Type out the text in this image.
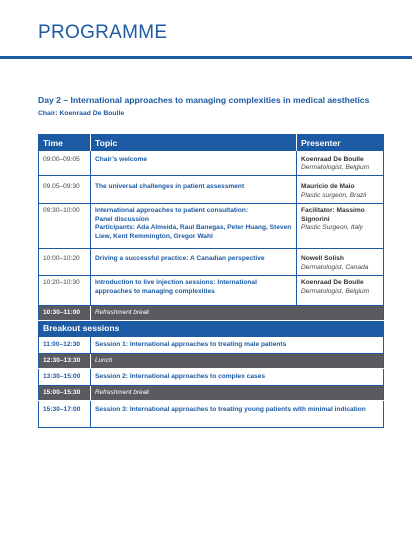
PROGRAMME
Day 2 – International approaches to managing complexities in medical aesthetics
Chair: Koenraad De Boulle
Time	Topic	Presenter
09:00–09:05	Chair’s welcome	Koenraad De Boulle
Dermatologist, Belgium

09.05–09:30	The universal challenges in patient assessment	Mauricio de Maio
Plastic surgeon, Brazil

09:30–10:00	International approaches to patient consultation:
Panel discussion
Participants: Ada Almeida, Raul Banegas, Peter Huang, Steven Liew, Kent Remmington, Gregor Wahl	Facilitator: Massimo Signorini
Plastic Surgeon, Italy

10:00–10:20	Driving a successful practice: A Canadian perspective	Nowell Solish
Dermatologist, Canada

10:20–10:30	Introduction to live injection sessions: International approaches to managing complexities	Koenraad De Boulle
Dermatologist, Belgium

10:30–11:00	Refreshment break	
Breakout sessions		
11:00–12:30	Session 1: International approaches to treating male patients	
12:30–13:30	Lunch	
13:30–15:00	Session 2: International approaches to complex cases	
15:00–15:30	Refreshment break	
15:30–17:00	Session 3: International approaches to treating young patients with minimal indication	
